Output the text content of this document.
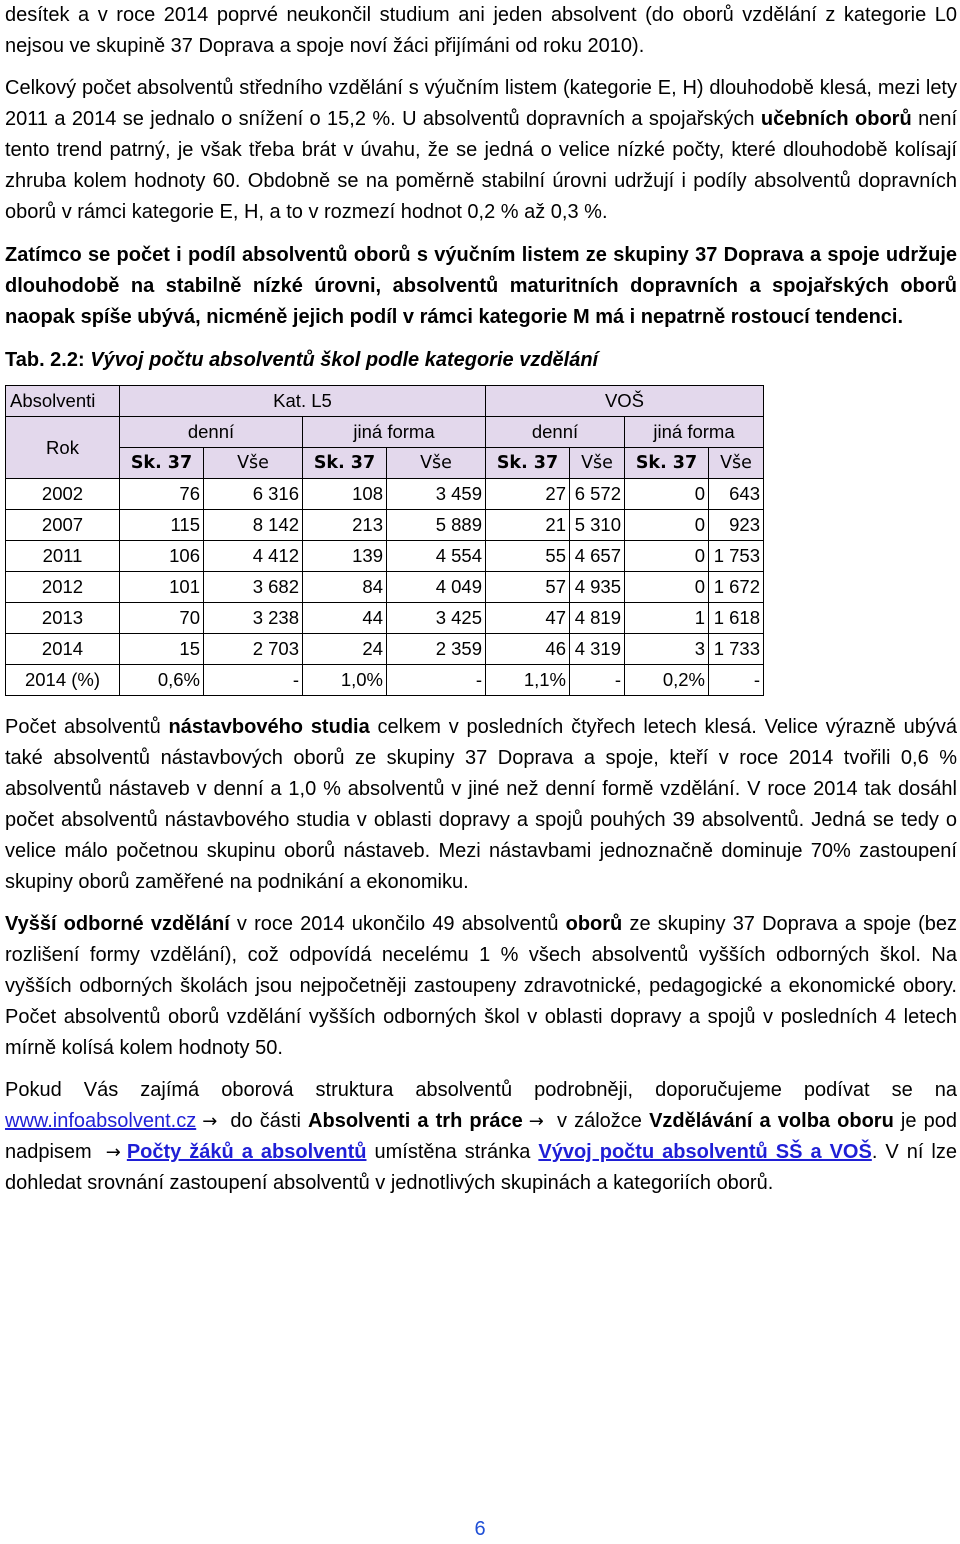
desítek a v roce 2014 poprvé neukončil studium ani jeden absolvent (do oborů vzdělání z kategorie L0 nejsou ve skupině 37 Doprava a spoje noví žáci přijímáni od roku 2010).

Celkový počet absolventů středního vzdělání s výučním listem (kategorie E, H) dlouhodobě klesá, mezi lety 2011 a 2014 se jednalo o snížení o 15,2 %. U absolventů dopravních a spojařských učebních oborů není tento trend patrný, je však třeba brát v úvahu, že se jedná o velice nízké počty, které dlouhodobě kolísají zhruba kolem hodnoty 60. Obdobně se na poměrně stabilní úrovni udržují i podíly absolventů dopravních oborů v rámci kategorie E, H, a to v rozmezí hodnot 0,2 % až 0,3 %.

Zatímco se počet i podíl absolventů oborů s výučním listem ze skupiny 37 Doprava a spoje udržuje dlouhodobě na stabilně nízké úrovni, absolventů maturitních dopravních a spojařských oborů naopak spíše ubývá, nicméně jejich podíl v rámci kategorie M má i nepatrně rostoucí tendenci.

Tab. 2.2: Vývoj počtu absolventů škol podle kategorie vzdělání
Absolventi	Kat. L5				VOŠ			
Rok	denní		jiná forma		denní		jiná forma	
	Sk. 37	Vše	Sk. 37	Vše	Sk. 37	Vše	Sk. 37	Vše
2002	76	6 316	108	3 459	27	6 572	0	643
2007	115	8 142	213	5 889	21	5 310	0	923
2011	106	4 412	139	4 554	55	4 657	0	1 753
2012	101	3 682	84	4 049	57	4 935	0	1 672
2013	70	3 238	44	3 425	47	4 819	1	1 618
2014	15	2 703	24	2 359	46	4 319	3	1 733
2014 (%)	0,6%	-	1,0%	-	1,1%	-	0,2%	-

Počet absolventů nástavbového studia celkem v posledních čtyřech letech klesá. Velice výrazně ubývá také absolventů nástavbových oborů ze skupiny 37 Doprava a spoje, kteří v roce 2014 tvořili 0,6 % absolventů nástaveb v denní a 1,0 % absolventů v jiné než denní formě vzdělání. V roce 2014 tak dosáhl počet absolventů nástavbového studia v oblasti dopravy a spojů pouhých 39 absolventů. Jedná se tedy o velice málo početnou skupinu oborů nástaveb. Mezi nástavbami jednoznačně dominuje 70% zastoupení skupiny oborů zaměřené na podnikání a ekonomiku.

Vyšší odborné vzdělání v roce 2014 ukončilo 49 absolventů oborů ze skupiny 37 Doprava a spoje (bez rozlišení formy vzdělání), což odpovídá necelému 1 % všech absolventů vyšších odborných škol. Na vyšších odborných školách jsou nejpočetněji zastoupeny zdravotnické, pedagogické a ekonomické obory. Počet absolventů oborů vzdělání vyšších odborných škol v oblasti dopravy a spojů v posledních 4 letech mírně kolísá kolem hodnoty 50.

Pokud Vás zajímá oborová struktura absolventů podrobněji, doporučujeme podívat se na www.infoabsolvent.cz → do části Absolventi a trh práce → v záložce Vzdělávání a volba oboru je pod nadpisem → Počty žáků a absolventů umístěna stránka Vývoj počtu absolventů SŠ a VOŠ. V ní lze dohledat srovnání zastoupení absolventů v jednotlivých skupinách a kategoriích oborů.

6
